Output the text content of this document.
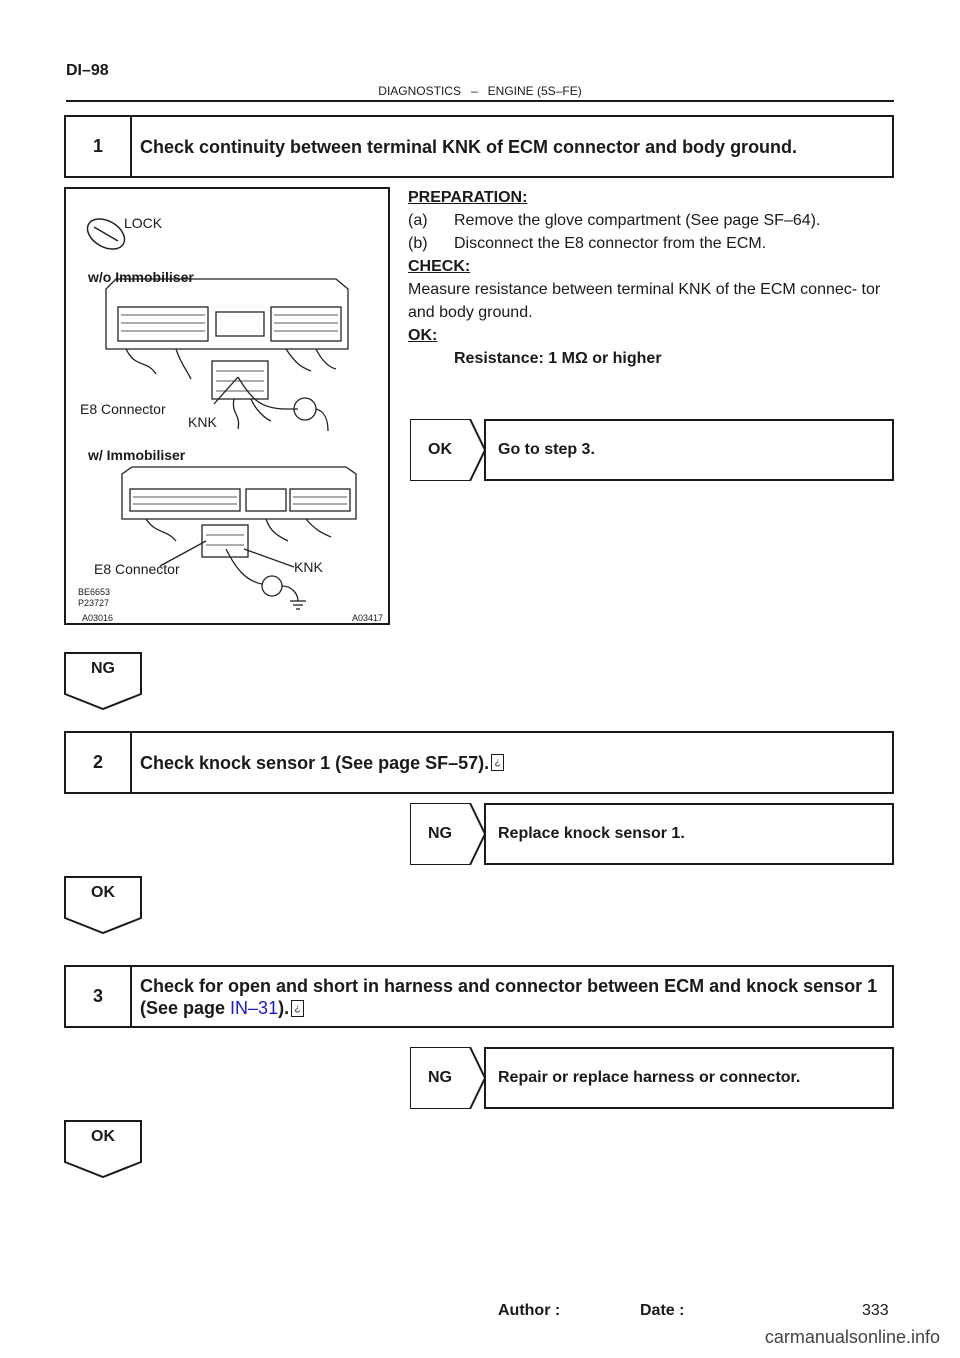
DI–98
DIAGNOSTICS – ENGINE (5S–FE)
1	Check continuity between terminal KNK of ECM connector and body ground.
LOCK
w/o Immobiliser
E8 Connector
KNK
w/ Immobiliser
E8 Connector	KNK
BE6653
P23727
A03016	A03417
PREPARATION:
(a) Remove the glove compartment (See page SF–64).
(b) Disconnect the E8 connector from the ECM.
CHECK:
Measure resistance between terminal KNK of the ECM connec- tor and body ground.
OK:
Resistance: 1 MΩ or higher
OK	Go to step 3.
NG
2	Check knock sensor 1 (See page SF–57). ¿
NG	Replace knock sensor 1.
OK
3
Check for open and short in harness and connector between ECM and knock sensor 1 (See page IN–31). ¿
NG	Repair or replace harness or connector.
OK
Author :	Date :	333
carmanualsonline.info
